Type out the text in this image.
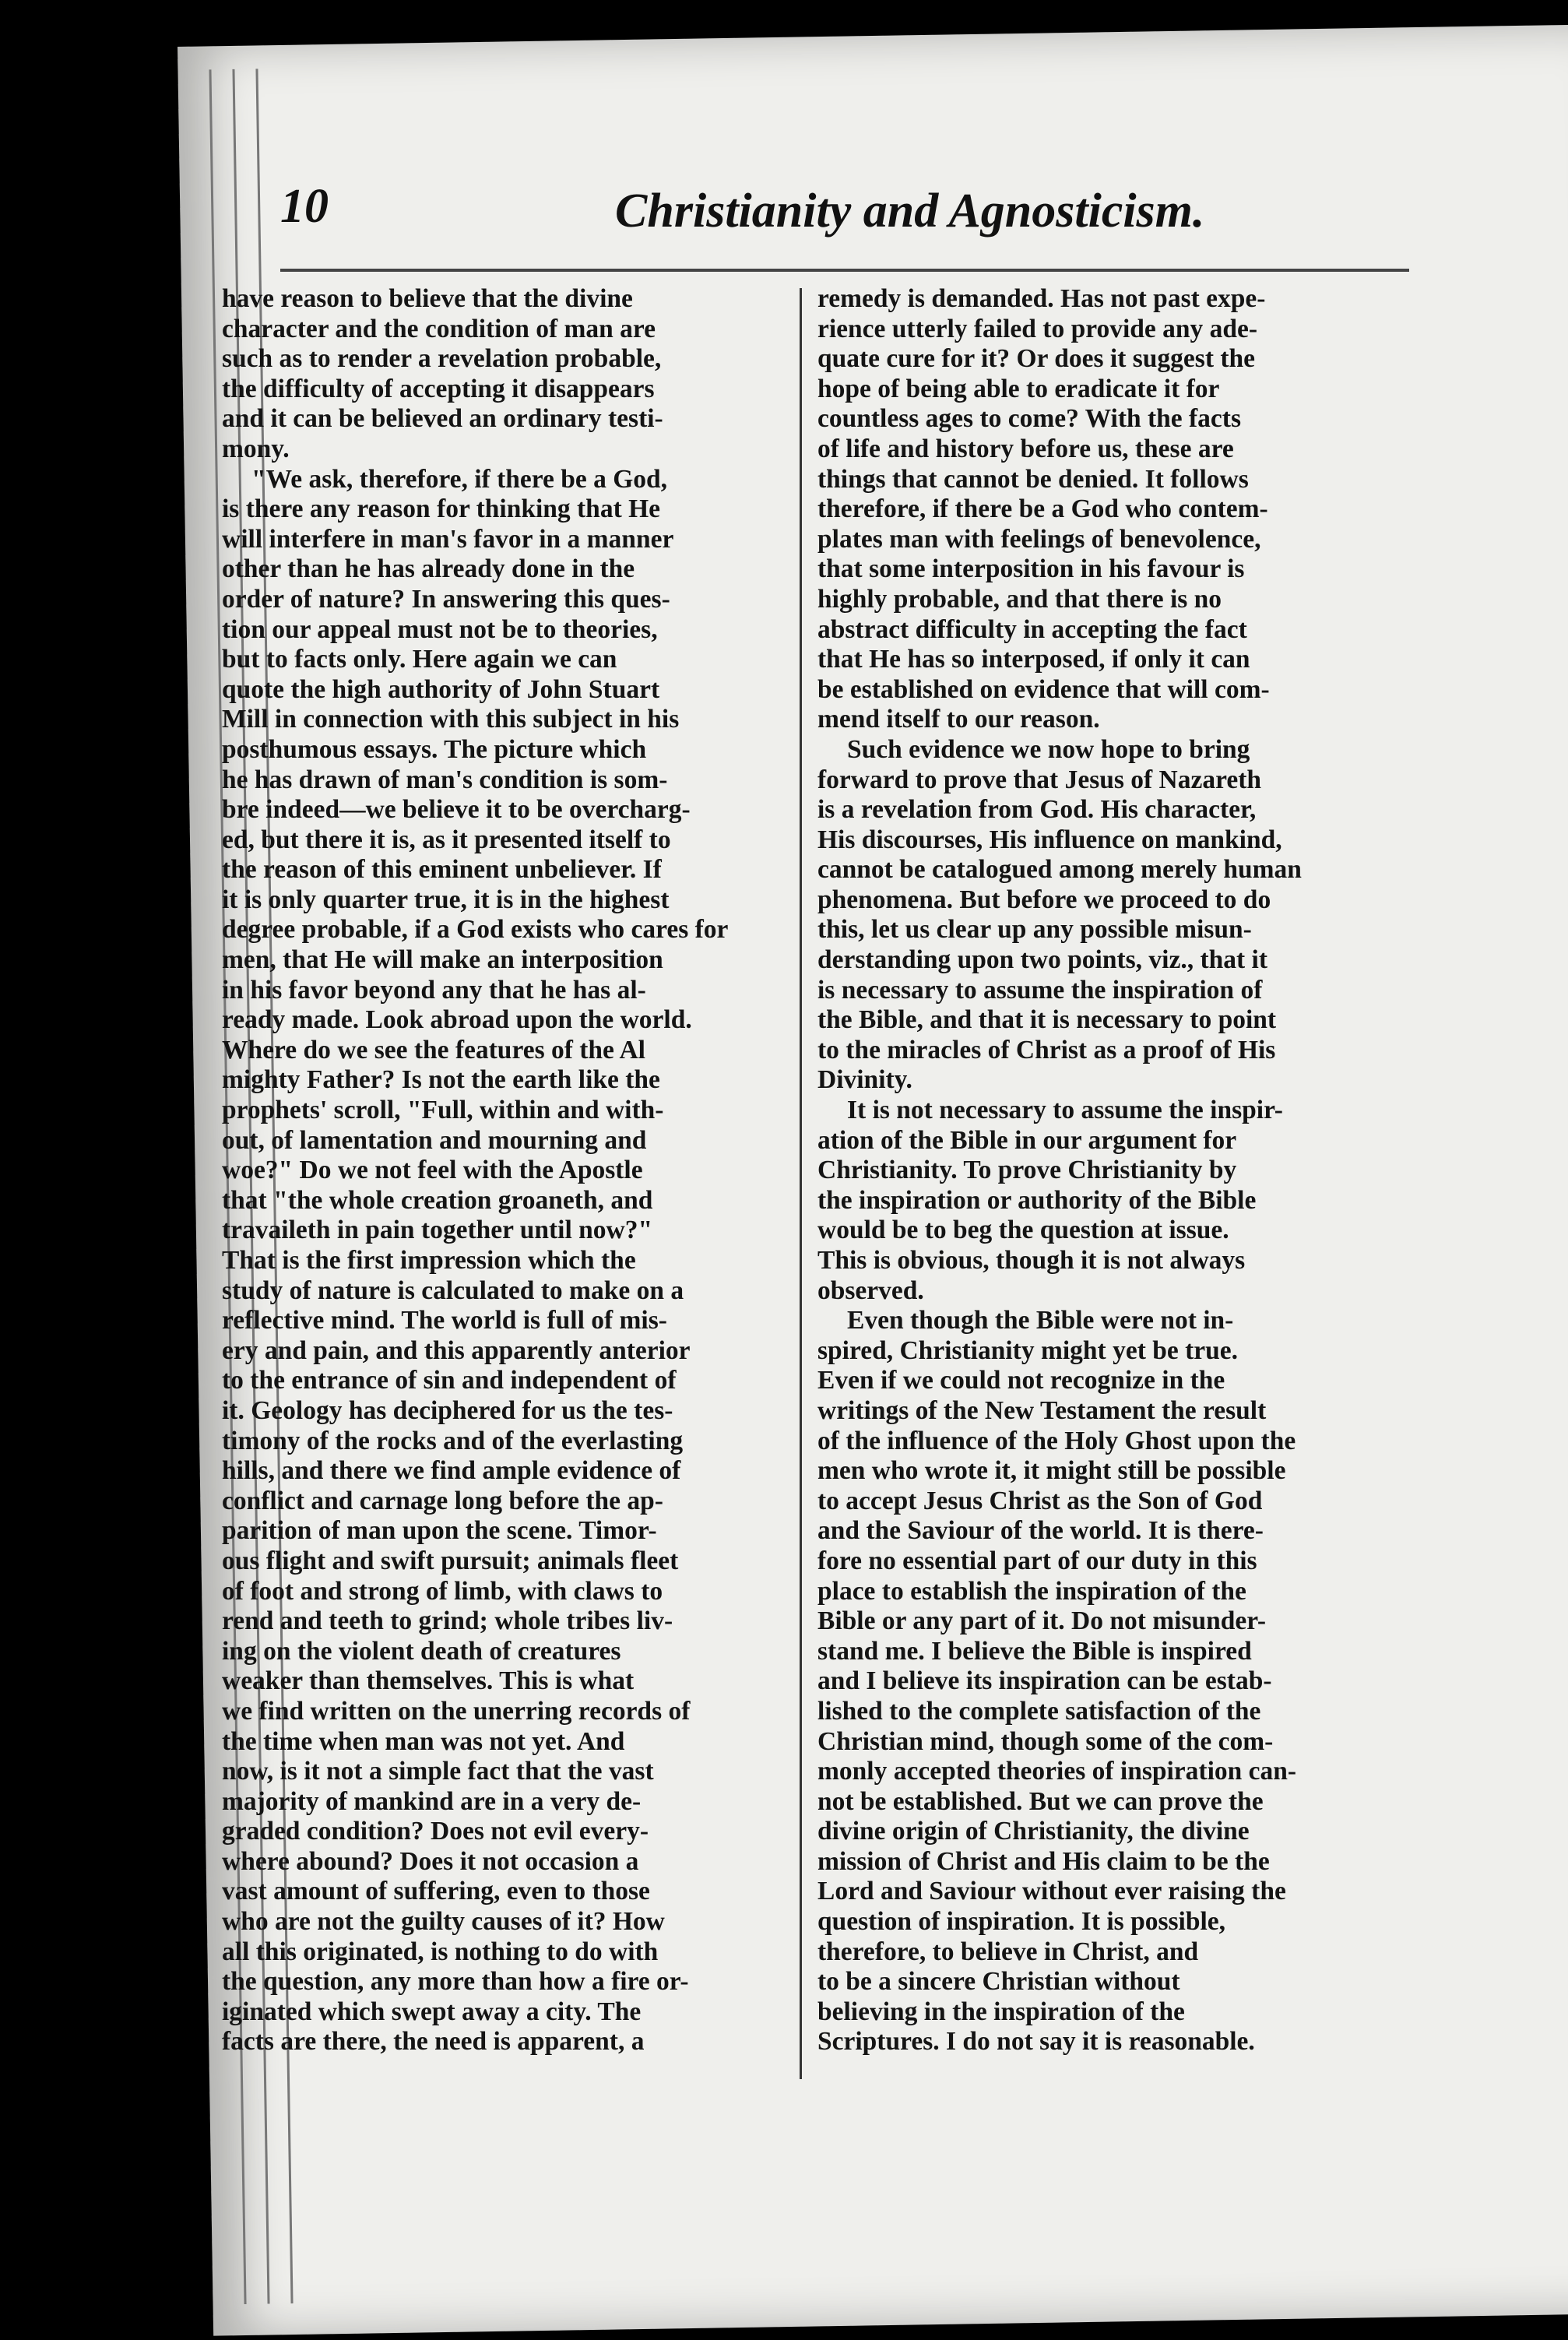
10	Christianity and Agnosticism.
have reason to believe that the divine
character and the condition of man are
such as to render a revelation probable,
the difficulty of accepting it disappears
and it can be believed an ordinary testi-
mony.
"We ask, therefore, if there be a God,
is there any reason for thinking that He
will interfere in man's favor in a manner
other than he has already done in the
order of nature? In answering this ques-
tion our appeal must not be to theories,
but to facts only. Here again we can
quote the high authority of John Stuart
Mill in connection with this subject in his
posthumous essays. The picture which
he has drawn of man's condition is som-
bre indeed—we believe it to be overcharg-
ed, but there it is, as it presented itself to
the reason of this eminent unbeliever. If
it is only quarter true, it is in the highest
degree probable, if a God exists who cares for
men, that He will make an interposition
in his favor beyond any that he has al-
ready made. Look abroad upon the world.
Where do we see the features of the Al
mighty Father? Is not the earth like the
prophets' scroll, "Full, within and with-
out, of lamentation and mourning and
woe?" Do we not feel with the Apostle
that "the whole creation groaneth, and
travaileth in pain together until now?"
That is the first impression which the
study of nature is calculated to make on a
reflective mind. The world is full of mis-
ery and pain, and this apparently anterior
to the entrance of sin and independent of
it. Geology has deciphered for us the tes-
timony of the rocks and of the everlasting
hills, and there we find ample evidence of
conflict and carnage long before the ap-
parition of man upon the scene. Timor-
ous flight and swift pursuit; animals fleet
of foot and strong of limb, with claws to
rend and teeth to grind; whole tribes liv-
ing on the violent death of creatures
weaker than themselves. This is what
we find written on the unerring records of
the time when man was not yet. And
now, is it not a simple fact that the vast
majority of mankind are in a very de-
graded condition? Does not evil every-
where abound? Does it not occasion a
vast amount of suffering, even to those
who are not the guilty causes of it? How
all this originated, is nothing to do with
the question, any more than how a fire or-
iginated which swept away a city. The
facts are there, the need is apparent, a
remedy is demanded. Has not past expe-
rience utterly failed to provide any ade-
quate cure for it? Or does it suggest the
hope of being able to eradicate it for
countless ages to come? With the facts
of life and history before us, these are
things that cannot be denied. It follows
therefore, if there be a God who contem-
plates man with feelings of benevolence,
that some interposition in his favour is
highly probable, and that there is no
abstract difficulty in accepting the fact
that He has so interposed, if only it can
be established on evidence that will com-
mend itself to our reason.
Such evidence we now hope to bring
forward to prove that Jesus of Nazareth
is a revelation from God. His character,
His discourses, His influence on mankind,
cannot be catalogued among merely human
phenomena. But before we proceed to do
this, let us clear up any possible misun-
derstanding upon two points, viz., that it
is necessary to assume the inspiration of
the Bible, and that it is necessary to point
to the miracles of Christ as a proof of His
Divinity.
It is not necessary to assume the inspir-
ation of the Bible in our argument for
Christianity. To prove Christianity by
the inspiration or authority of the Bible
would be to beg the question at issue.
This is obvious, though it is not always
observed.
Even though the Bible were not in-
spired, Christianity might yet be true.
Even if we could not recognize in the
writings of the New Testament the result
of the influence of the Holy Ghost upon the
men who wrote it, it might still be possible
to accept Jesus Christ as the Son of God
and the Saviour of the world. It is there-
fore no essential part of our duty in this
place to establish the inspiration of the
Bible or any part of it. Do not misunder-
stand me. I believe the Bible is inspired
and I believe its inspiration can be estab-
lished to the complete satisfaction of the
Christian mind, though some of the com-
monly accepted theories of inspiration can-
not be established. But we can prove the
divine origin of Christianity, the divine
mission of Christ and His claim to be the
Lord and Saviour without ever raising the
question of inspiration. It is possible,
therefore, to believe in Christ, and
to be a sincere Christian without
believing in the inspiration of the
Scriptures. I do not say it is reasonable.
